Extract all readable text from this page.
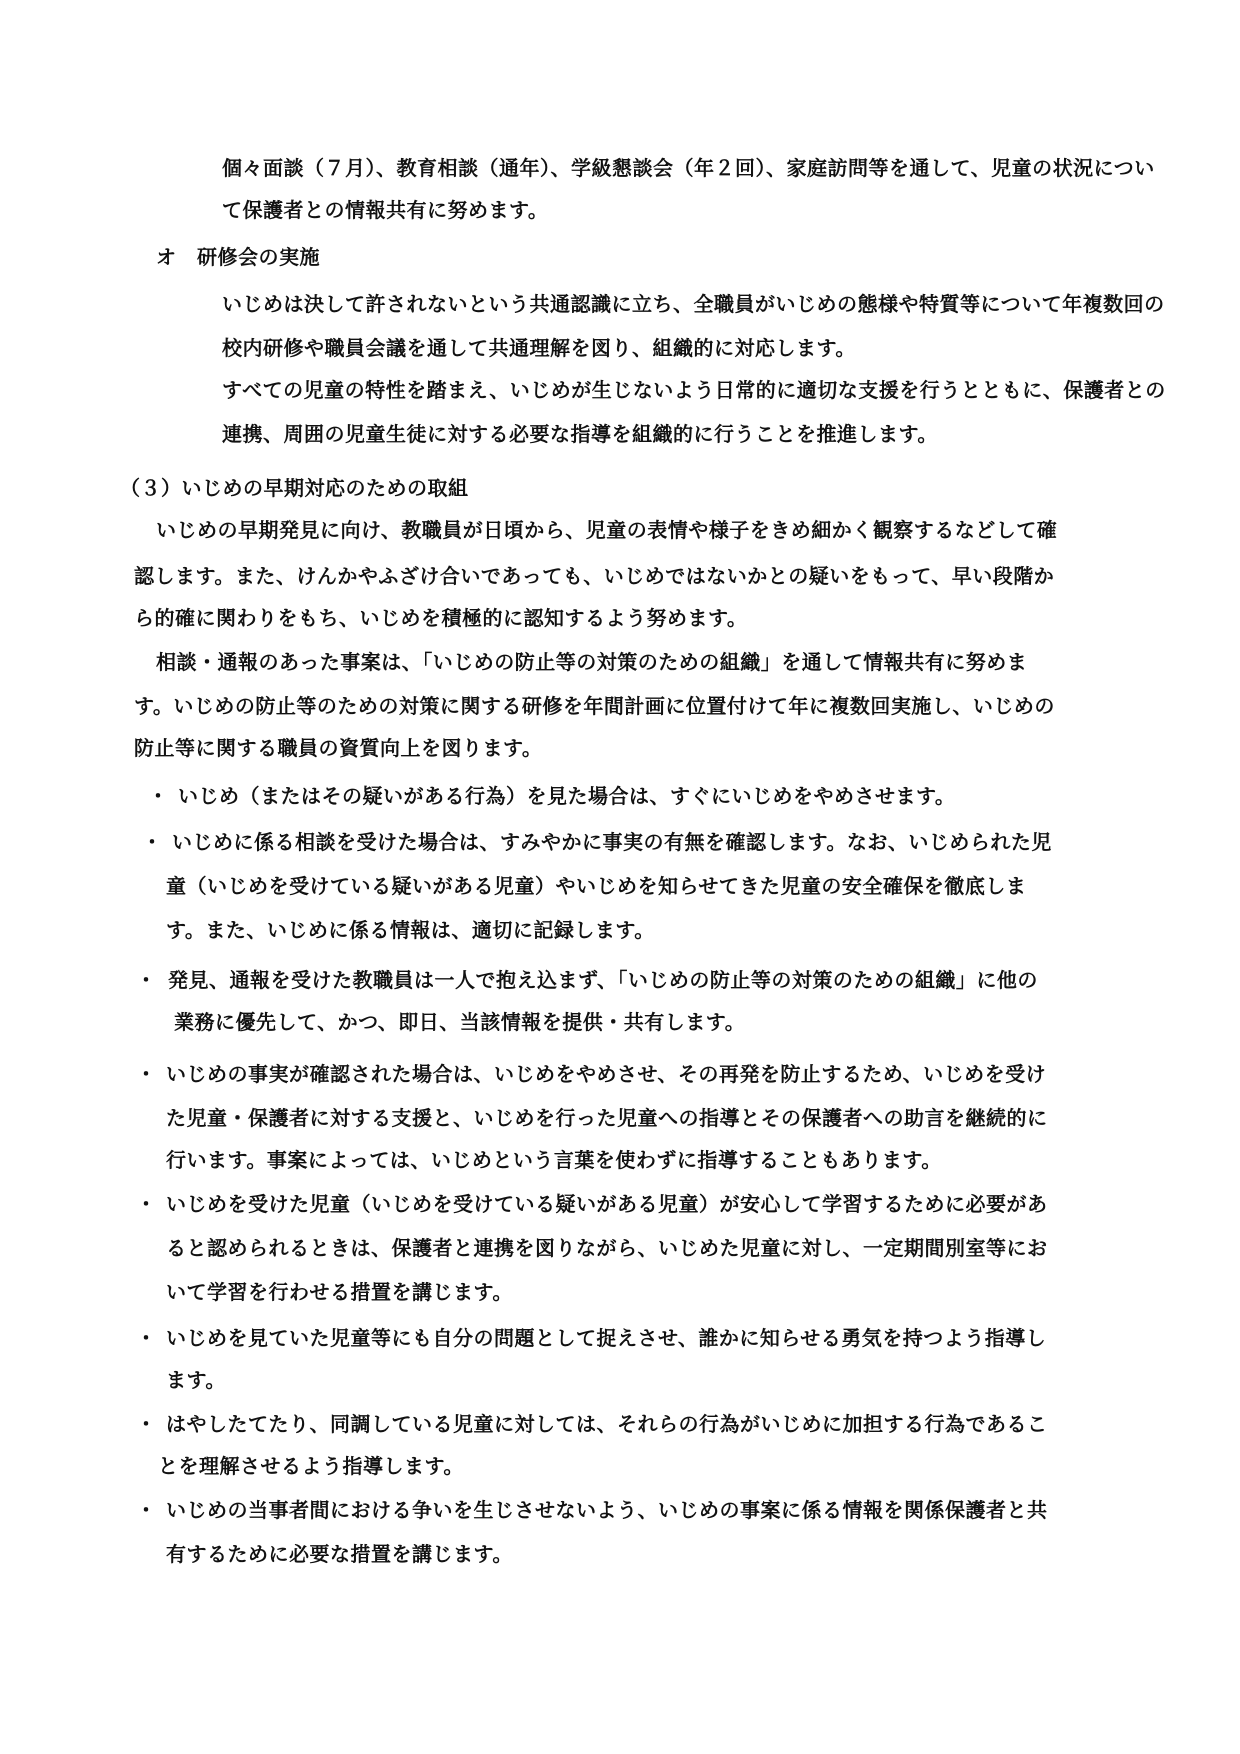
個々面談（７月）、教育相談（通年）、学級懇談会（年２回）、家庭訪問等を通して、児童の状況につい
て保護者との情報共有に努めます。
オ　研修会の実施
いじめは決して許されないという共通認識に立ち、全職員がいじめの態様や特質等について年複数回の
校内研修や職員会議を通して共通理解を図り、組織的に対応します。
すべての児童の特性を踏まえ、いじめが生じないよう日常的に適切な支援を行うとともに、保護者との
連携、周囲の児童生徒に対する必要な指導を組織的に行うことを推進します。
（３）いじめの早期対応のための取組
いじめの早期発見に向け、教職員が日頃から、児童の表情や様子をきめ細かく観察するなどして確
認します。また、けんかやふざけ合いであっても、いじめではないかとの疑いをもって、早い段階か
ら的確に関わりをもち、いじめを積極的に認知するよう努めます。
相談・通報のあった事案は、「いじめの防止等の対策のための組織」を通して情報共有に努めま
す。いじめの防止等のための対策に関する研修を年間計画に位置付けて年に複数回実施し、いじめの
防止等に関する職員の資質向上を図ります。
・ いじめ（またはその疑いがある行為）を見た場合は、すぐにいじめをやめさせます。
・ いじめに係る相談を受けた場合は、すみやかに事実の有無を確認します。なお、いじめられた児
童（いじめを受けている疑いがある児童）やいじめを知らせてきた児童の安全確保を徹底しま
す。また、いじめに係る情報は、適切に記録します。
・ 発見、通報を受けた教職員は一人で抱え込まず、「いじめの防止等の対策のための組織」に他の
業務に優先して、かつ、即日、当該情報を提供・共有します。
・ いじめの事実が確認された場合は、いじめをやめさせ、その再発を防止するため、いじめを受け
た児童・保護者に対する支援と、いじめを行った児童への指導とその保護者への助言を継続的に
行います。事案によっては、いじめという言葉を使わずに指導することもあります。
・ いじめを受けた児童（いじめを受けている疑いがある児童）が安心して学習するために必要があ
ると認められるときは、保護者と連携を図りながら、いじめた児童に対し、一定期間別室等にお
いて学習を行わせる措置を講じます。
・ いじめを見ていた児童等にも自分の問題として捉えさせ、誰かに知らせる勇気を持つよう指導し
ます。
・ はやしたてたり、同調している児童に対しては、それらの行為がいじめに加担する行為であるこ
とを理解させるよう指導します。
・ いじめの当事者間における争いを生じさせないよう、いじめの事案に係る情報を関係保護者と共
有するために必要な措置を講じます。
